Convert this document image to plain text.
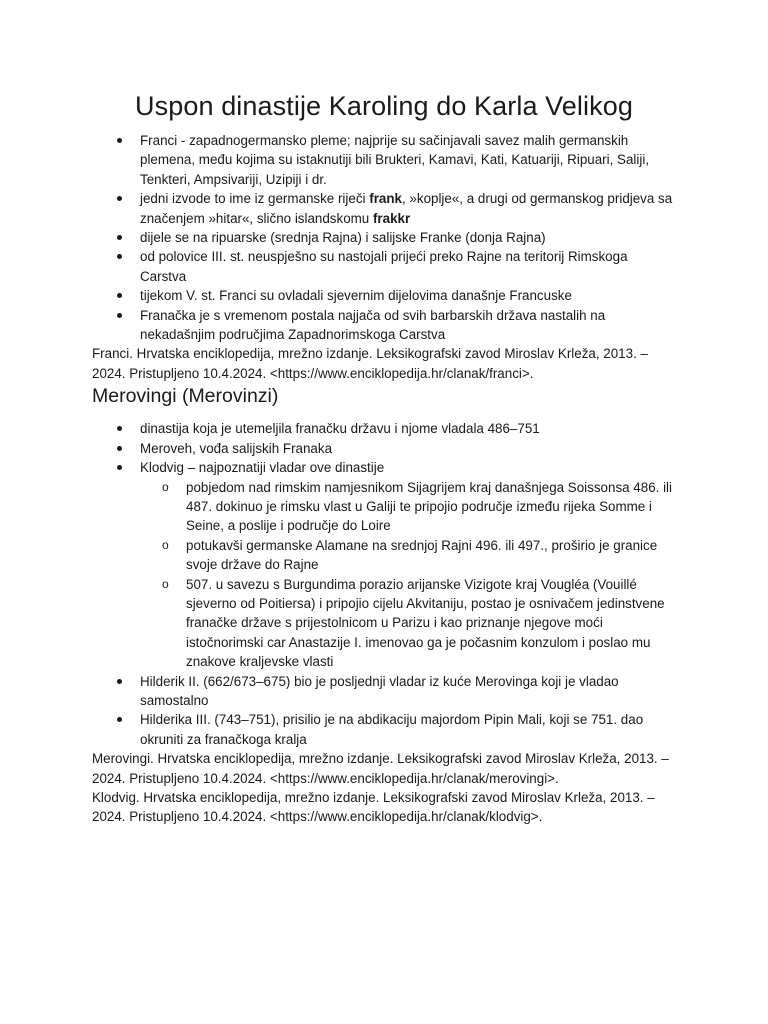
Uspon dinastije Karoling do Karla Velikog
Franci - zapadnogermansko pleme; najprije su sačinjavali savez malih germanskih plemena, među kojima su istaknutiji bili Brukteri, Kamavi, Kati, Katuariji, Ripuari, Saliji, Tenkteri, Ampsivariji, Uzipiji i dr.
jedni izvode to ime iz germanske riječi frank, »koplje«, a drugi od germanskog pridjeva sa značenjem »hitar«, slično islandskomu frakkr
dijele se na ripuarske (srednja Rajna) i salijske Franke (donja Rajna)
od polovice III. st. neuspješno su nastojali prijeći preko Rajne na teritorij Rimskoga Carstva
tijekom V. st. Franci su ovladali sjevernim dijelovima današnje Francuske
Franačka je s vremenom postala najjača od svih barbarskih država nastalih na nekadašnjim područjima Zapadnorimskoga Carstva

Franci. Hrvatska enciklopedija, mrežno izdanje. Leksikografski zavod Miroslav Krleža, 2013. – 2024. Pristupljeno 10.4.2024. <https://www.enciklopedija.hr/clanak/franci>.

Merovingi (Merovinzi)
dinastija koja je utemeljila franačku državu i njome vladala 486–751
Meroveh, vođa salijskih Franaka
Klodvig – najpoznatiji vladar ove dinastije
o pobjedom nad rimskim namjesnikom Sijagrijem kraj današnjega Soissonsa 486. ili 487. dokinuo je rimsku vlast u Galiji te pripojio područje između rijeka Somme i Seine, a poslije i područje do Loire
o potukavši germanske Alamane na srednjoj Rajni 496. ili 497., proširio je granice svoje države do Rajne
o 507. u savezu s Burgundima porazio arijanske Vizigote kraj Vougléa (Vouillé sjeverno od Poitiersa) i pripojio cijelu Akvitaniju, postao je osnivačem jedinstvene franačke države s prijestolnicom u Parizu i kao priznanje njegove moći istočnorimski car Anastazije I. imenovao ga je počasnim konzulom i poslao mu znakove kraljevske vlasti
Hilderik II. (662/673–675) bio je posljednji vladar iz kuće Merovinga koji je vladao samostalno
Hilderika III. (743–751), prisilio je na abdikaciju majordom Pipin Mali, koji se 751. dao okruniti za franačkoga kralja

Merovingi. Hrvatska enciklopedija, mrežno izdanje. Leksikografski zavod Miroslav Krleža, 2013. – 2024. Pristupljeno 10.4.2024. <https://www.enciklopedija.hr/clanak/merovingi>.

Klodvig. Hrvatska enciklopedija, mrežno izdanje. Leksikografski zavod Miroslav Krleža, 2013. – 2024. Pristupljeno 10.4.2024. <https://www.enciklopedija.hr/clanak/klodvig>.
